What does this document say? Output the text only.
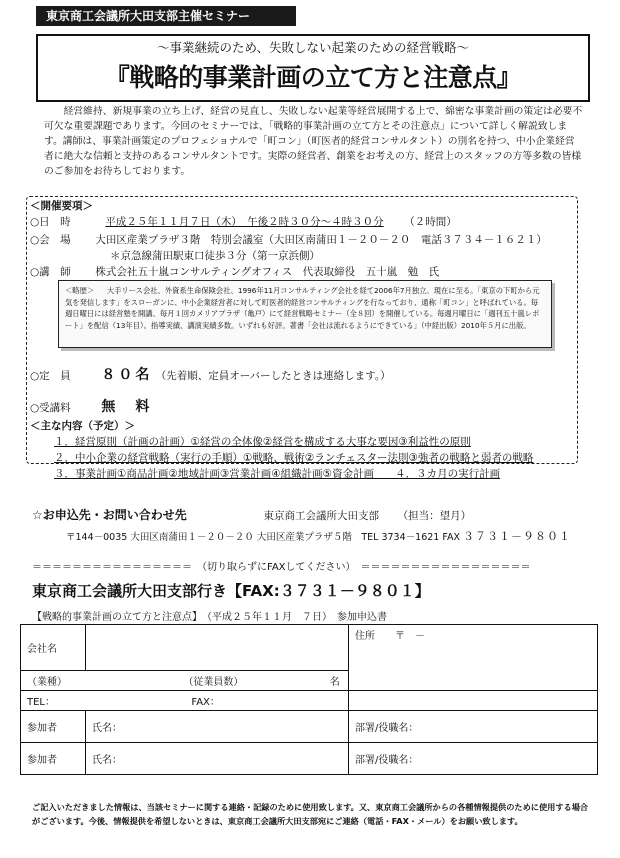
東京商工会議所大田支部主催セミナー
～事業継続のため、失敗しない起業のための経営戦略～
『戦略的事業計画の立て方と注意点』
経営維持、新規事業の立ち上げ、経営の見直し、失敗しない起業等経営展開する上で、綿密な事業計画の策定は必要不可欠な重要課題であります。今回のセミナーでは、「戦略的事業計画の立て方とその注意点」について詳しく解説致します。講師は、事業計画策定のプロフェショナルで「町コン」（町医者的経営コンサルタント）の別名を持つ、中小企業経営者に絶大な信頼と支持のあるコンサルタントです。実際の経営者、創業をお考えの方、経営上のスタッフの方等多数の皆様のご参加をお待ちしております。
＜開催要項＞
○日　時	平成２５年１１月７日（木）　午後２時３０分～４時３０分 （２時間）
○会　場 大田区産業プラザ３階　特別会議室（大田区南蒲田１－２０－２０　電話３７３４－１６２１）
＊京急線蒲田駅東口徒歩３分（第一京浜側）
○講　師 株式会社五十嵐コンサルティングオフィス　代表取締役　五十嵐　勉　氏
＜略歴＞ 大手リース会社、外資系生命保険会社、1996年11月コンサルティング会社を経て2006年7月独立。現在に至る。「東京の下町から元気を発信します」をスローガンに、中小企業経営者に対して町医者的経営コンサルティングを行なっており、通称「町コン」と呼ばれている。毎週日曜日には経営塾を開講、毎月１回カメリアプラザ（亀戸）にて経営戦略セミナー（全８回）を開催している。毎週月曜日に「週刊五十嵐レポート」を配信（13年目）。指導実績、講演実績多数。いずれも好評。著書「会社は流れるようにできている」（中経出版）2010年５月に出版。
○定　員 ８０名 （先着順、定員オーバーしたときは連絡します。）
○受講料 無　料
＜主な内容（予定）＞
１．経営原則（計画の計画）①経営の全体像②経営を構成する大事な要因③利益性の原則
２．中小企業の経営戦略（実行の手順）①戦略、戦術②ランチェスター法則③強者の戦略と弱者の戦略
３．事業計画①商品計画②地域計画③営業計画④組織計画⑤資金計画　　４．３カ月の実行計画
☆お申込先・お問い合わせ先	東京商工会議所大田支部 （担当：望月）
〒144－0035 大田区南蒲田１－２０－２０ 大田区産業プラザ５階　TEL 3734－1621 FAX ３７３１－９８０１
＝＝＝＝＝＝＝＝＝＝＝＝＝＝＝＝　（切り取らずにFAXしてください）　＝＝＝＝＝＝＝＝＝＝＝＝＝＝＝＝＝
東京商工会議所大田支部行き【FAX:３７３１－９８０１】
【戦略的事業計画の立て方と注意点】　（平成２５年１１月　７日）　参加申込書
会社名		住所　　〒　－
（業種） （従業員数） 名		
TEL： FAX：		
参加者	氏名：	部署/役職名：
参加者	氏名：	部署/役職名：
ご記入いただきました情報は、当該セミナーに関する連絡・記録のために使用致します。又、東京商工会議所からの各種情報提供のために使用する場合がございます。今後、情報提供を希望しないときは、東京商工会議所大田支部宛にご連絡（電話・FAX・メール）をお願い致します。
